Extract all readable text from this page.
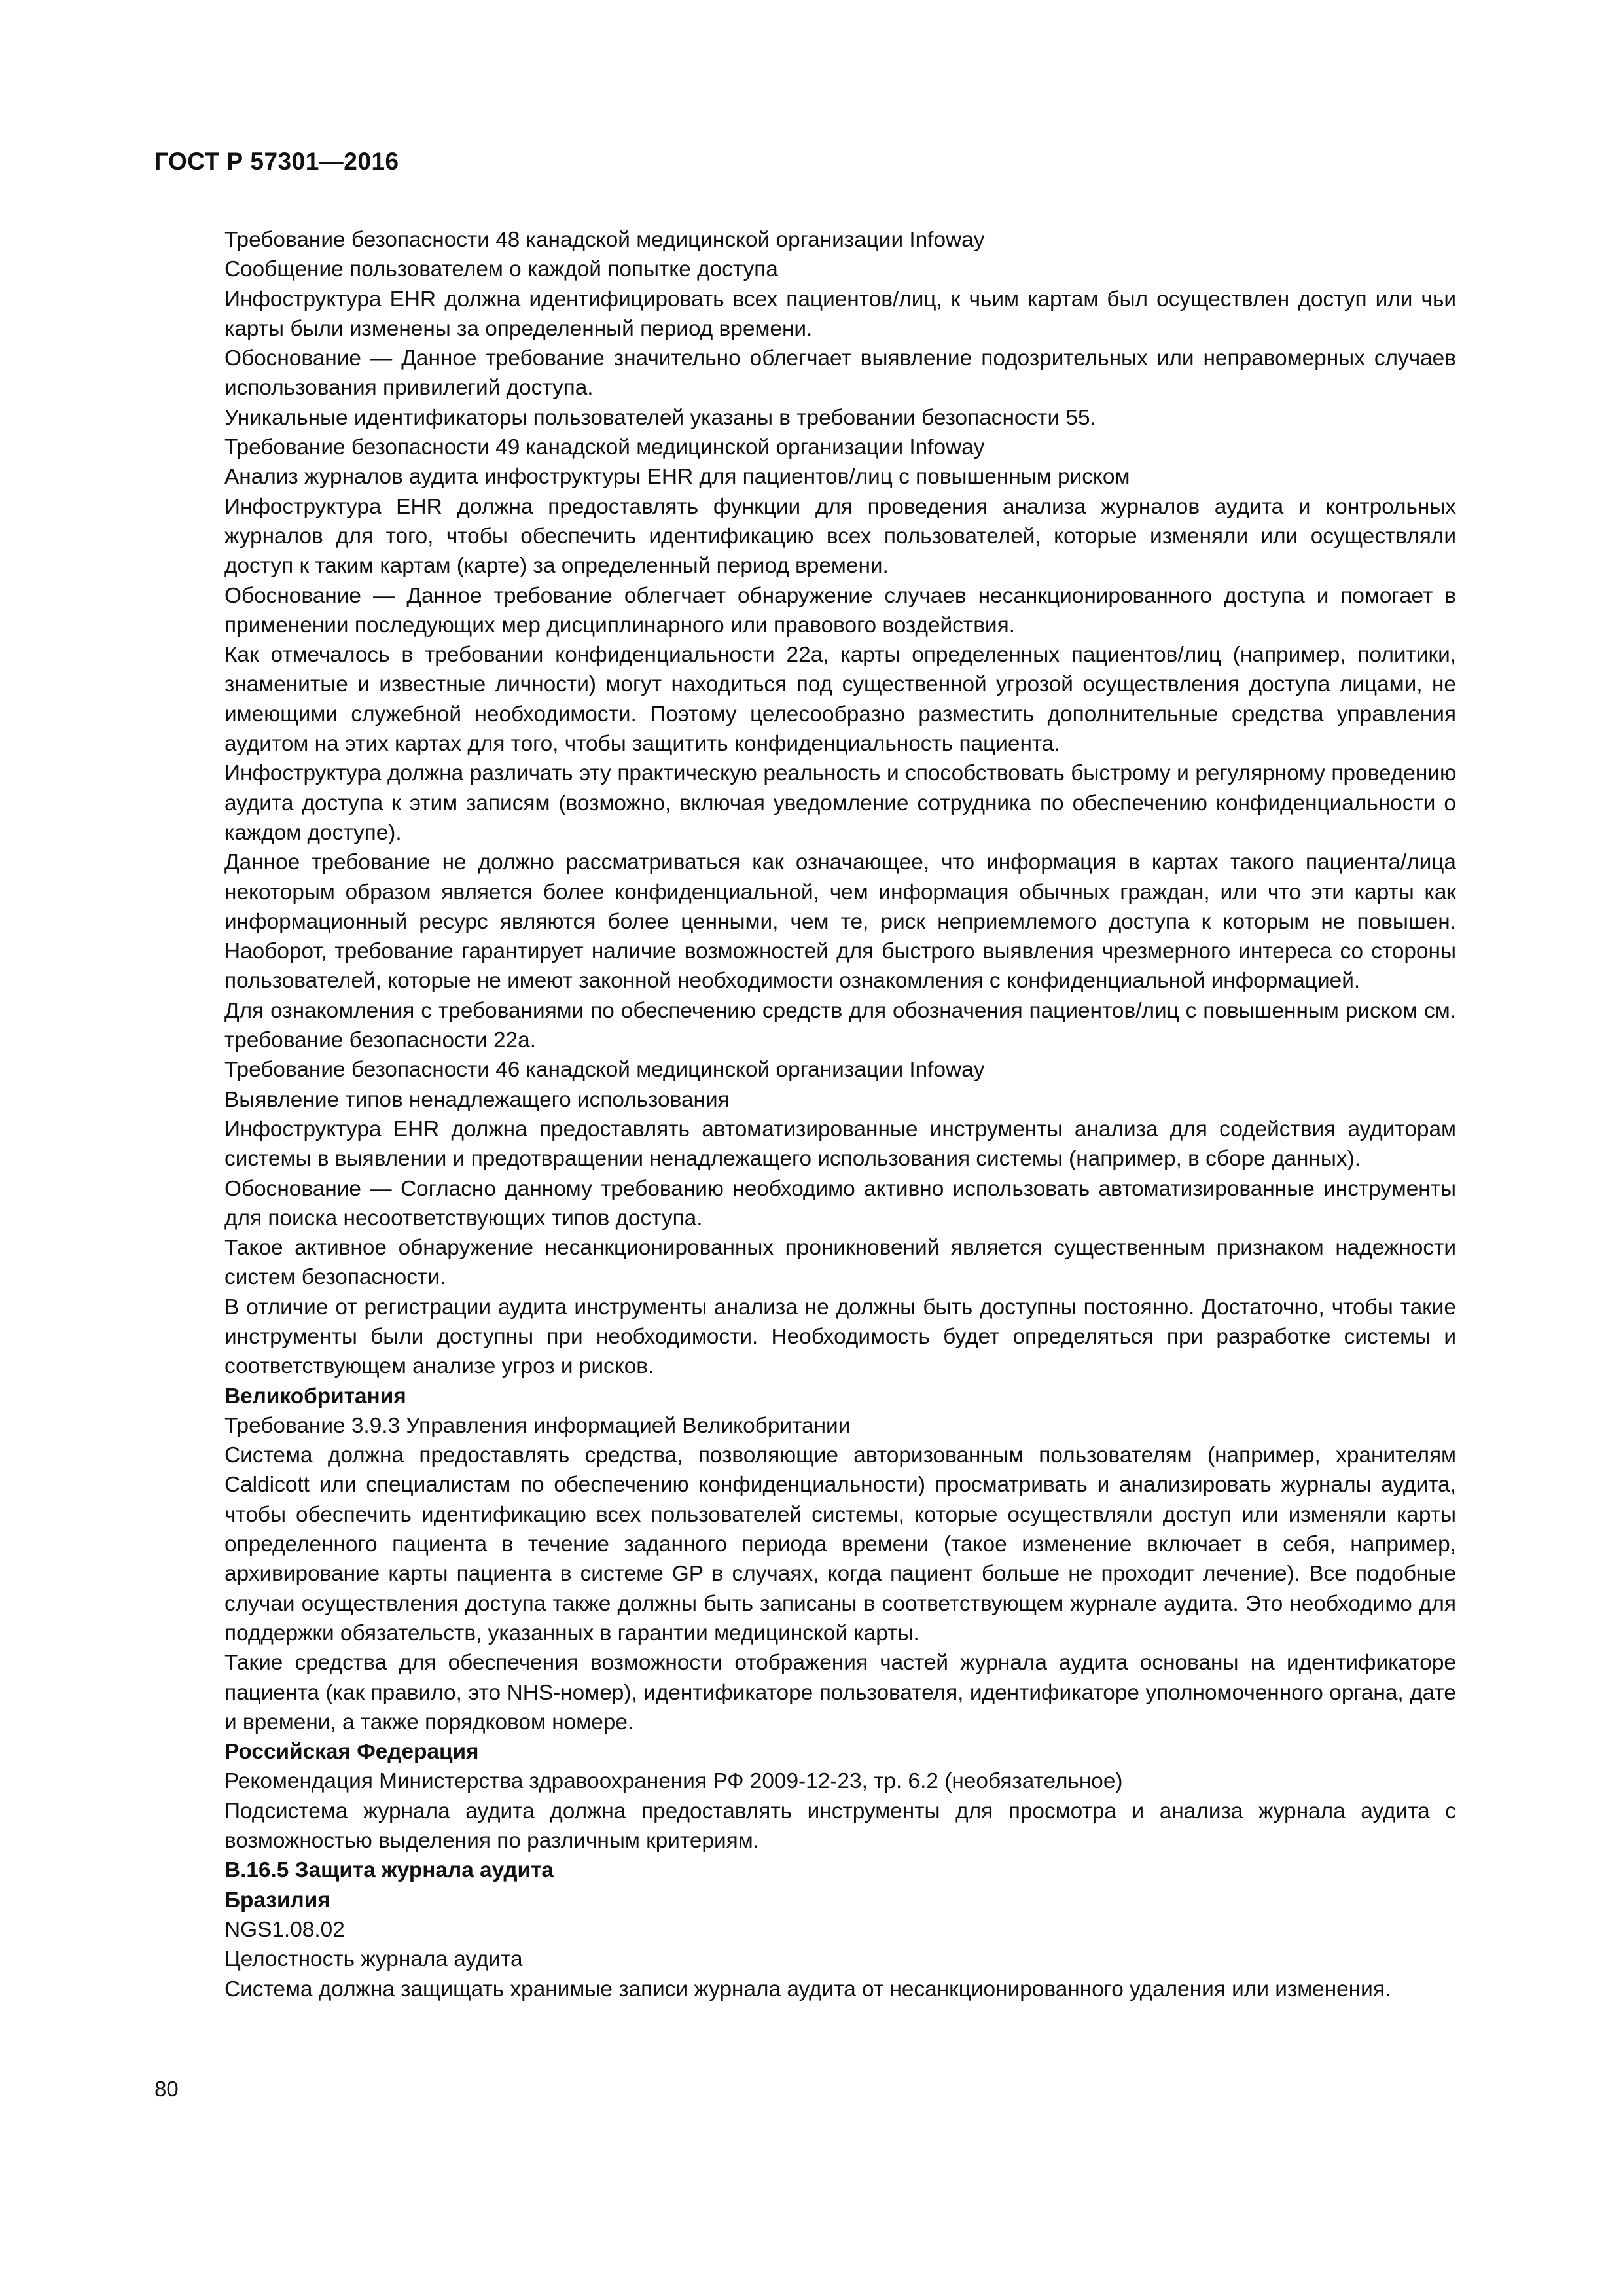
ГОСТ Р 57301—2016

Требование безопасности 48 канадской медицинской организации Infoway

Сообщение пользователем о каждой попытке доступа

Инфоструктура EHR должна идентифицировать всех пациентов/лиц, к чьим картам был осуществлен доступ или чьи карты были изменены за определенный период времени.

Обоснование — Данное требование значительно облегчает выявление подозрительных или неправомерных случаев использования привилегий доступа.

Уникальные идентификаторы пользователей указаны в требовании безопасности 55.

Требование безопасности 49 канадской медицинской организации Infoway

Анализ журналов аудита инфоструктуры EHR для пациентов/лиц с повышенным риском

Инфоструктура EHR должна предоставлять функции для проведения анализа журналов аудита и контрольных журналов для того, чтобы обеспечить идентификацию всех пользователей, которые изменяли или осуществляли доступ к таким картам (карте) за определенный период времени.

Обоснование — Данное требование облегчает обнаружение случаев несанкционированного доступа и помогает в применении последующих мер дисциплинарного или правового воздействия.

Как отмечалось в требовании конфиденциальности 22а, карты определенных пациентов/лиц (например, политики, знаменитые и известные личности) могут находиться под существенной угрозой осуществления доступа лицами, не имеющими служебной необходимости. Поэтому целесообразно разместить дополнительные средства управления аудитом на этих картах для того, чтобы защитить конфиденциальность пациента.

Инфоструктура должна различать эту практическую реальность и способствовать быстрому и регулярному проведению аудита доступа к этим записям (возможно, включая уведомление сотрудника по обеспечению конфиденциальности о каждом доступе).

Данное требование не должно рассматриваться как означающее, что информация в картах такого пациента/лица некоторым образом является более конфиденциальной, чем информация обычных граждан, или что эти карты как информационный ресурс являются более ценными, чем те, риск неприемлемого доступа к которым не повышен. Наоборот, требование гарантирует наличие возможностей для быстрого выявления чрезмерного интереса со стороны пользователей, которые не имеют законной необходимости ознакомления с конфиденциальной информацией.

Для ознакомления с требованиями по обеспечению средств для обозначения пациентов/лиц с повышенным риском см. требование безопасности 22а.

Требование безопасности 46 канадской медицинской организации Infoway

Выявление типов ненадлежащего использования

Инфоструктура EHR должна предоставлять автоматизированные инструменты анализа для содействия аудиторам системы в выявлении и предотвращении ненадлежащего использования системы (например, в сборе данных).

Обоснование — Согласно данному требованию необходимо активно использовать автоматизированные инструменты для поиска несоответствующих типов доступа.

Такое активное обнаружение несанкционированных проникновений является существенным признаком надежности систем безопасности.

В отличие от регистрации аудита инструменты анализа не должны быть доступны постоянно. Достаточно, чтобы такие инструменты были доступны при необходимости. Необходимость будет определяться при разработке системы и соответствующем анализе угроз и рисков.

Великобритания

Требование 3.9.3 Управления информацией Великобритании

Система должна предоставлять средства, позволяющие авторизованным пользователям (например, хранителям Caldicott или специалистам по обеспечению конфиденциальности) просматривать и анализировать журналы аудита, чтобы обеспечить идентификацию всех пользователей системы, которые осуществляли доступ или изменяли карты определенного пациента в течение заданного периода времени (такое изменение включает в себя, например, архивирование карты пациента в системе GP в случаях, когда пациент больше не проходит лечение). Все подобные случаи осуществления доступа также должны быть записаны в соответствующем журнале аудита. Это необходимо для поддержки обязательств, указанных в гарантии медицинской карты.

Такие средства для обеспечения возможности отображения частей журнала аудита основаны на идентификаторе пациента (как правило, это NHS-номер), идентификаторе пользователя, идентификаторе уполномоченного органа, дате и времени, а также порядковом номере.

Российская Федерация

Рекомендация Министерства здравоохранения РФ 2009-12-23, тр. 6.2 (необязательное)

Подсистема журнала аудита должна предоставлять инструменты для просмотра и анализа журнала аудита с возможностью выделения по различным критериям.

В.16.5 Защита журнала аудита

Бразилия

NGS1.08.02

Целостность журнала аудита

Система должна защищать хранимые записи журнала аудита от несанкционированного удаления или изменения.

80
